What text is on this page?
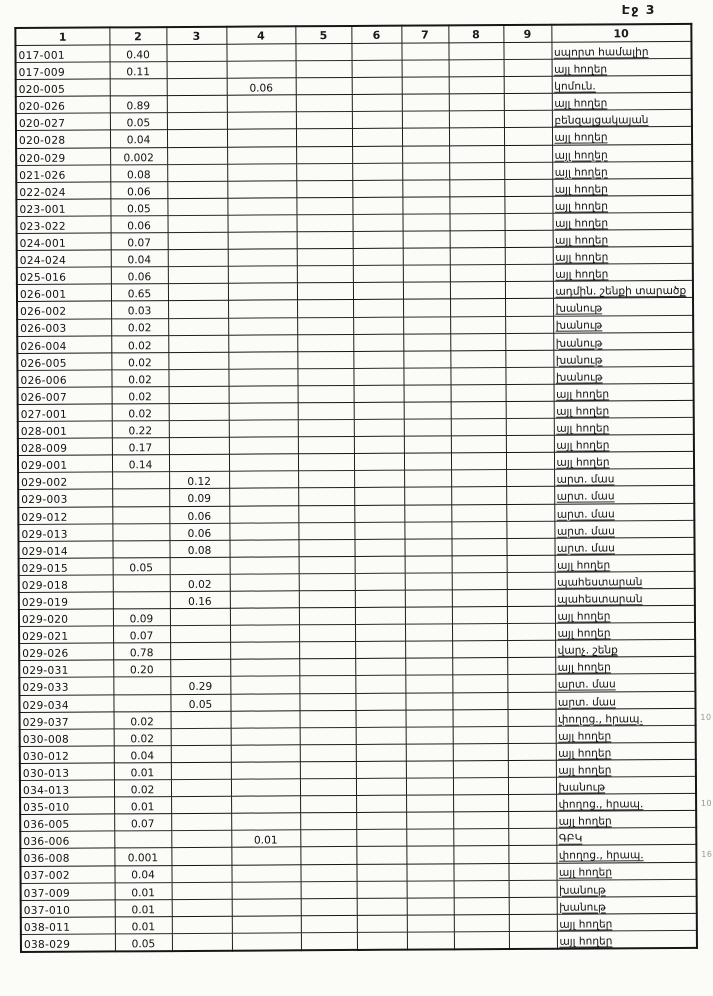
Էջ 3
1	2	3	4	5	6	7	8	9	10
017-001	0.40								սպորտ համալիր
017-009	0.11								այլ հողեր
020-005			0.06						կոմուն.
020-026	0.89								այլ հողեր
020-027	0.05								բենզալցակայան
020-028	0.04								այլ հողեր
020-029	0.002								այլ հողեր
021-026	0.08								այլ հողեր
022-024	0.06								այլ հողեր
023-001	0.05								այլ հողեր
023-022	0.06								այլ հողեր
024-001	0.07								այլ հողեր
024-024	0.04								այլ հողեր
025-016	0.06								այլ հողեր
026-001	0.65								ադմին. շենքի տարածք
026-002	0.03								խանութ
026-003	0.02								խանութ
026-004	0.02								խանութ
026-005	0.02								խանութ
026-006	0.02								խանութ
026-007	0.02								այլ հողեր
027-001	0.02								այլ հողեր
028-001	0.22								այլ հողեր
028-009	0.17								այլ հողեր
029-001	0.14								այլ հողեր
029-002		0.12							արտ. մաս
029-003		0.09							արտ. մաս
029-012		0.06							արտ. մաս
029-013		0.06							արտ. մաս
029-014		0.08							արտ. մաս
029-015	0.05								այլ հողեր
029-018		0.02							պահեստարան
029-019		0.16							պահեստարան
029-020	0.09								այլ հողեր
029-021	0.07								այլ հողեր
029-026	0.78								վարչ. շենք
029-031	0.20								այլ հողեր
029-033		0.29							արտ. մաս
029-034		0.05							արտ. մաս
029-037	0.02								փողոց., հրապ. 10

030-008	0.02								այլ հողեր
030-012	0.04								այլ հողեր
030-013	0.01								այլ հողեր
034-013	0.02								խանութ
035-010	0.01								փողոց., հրապ. 10

036-005	0.07								այլ հողեր
036-006			0.01						ԳԲԿ
036-008	0.001								փողոց., հրապ. 16

037-002	0.04								այլ հողեր
037-009	0.01								խանութ
037-010	0.01								խանութ
038-011	0.01								այլ հողեր
038-029	0.05								այլ հողեր
